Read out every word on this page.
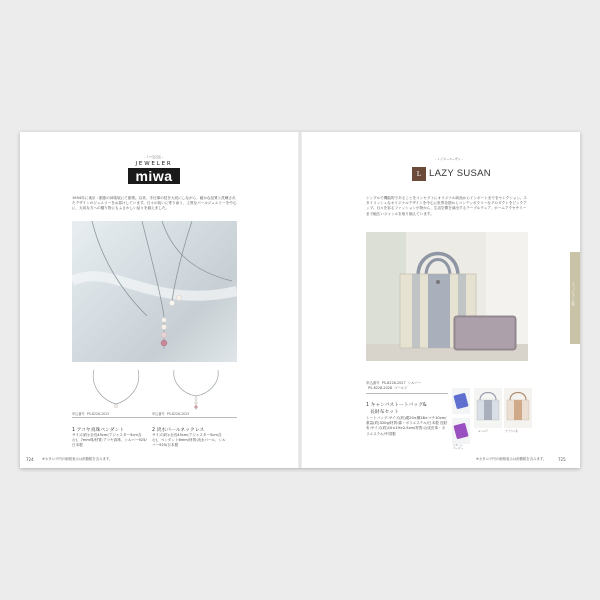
- ミワ宝石店 -
JEWELER
miwa
1954年に東京・銀座の神楽坂にて創業。以来、手仕事の技を大切にしながら、確かな品質と洗練されたデザインのジュエリーをお届けしています。日々の装いに寄り添う、上質なパールジュエリーを中心に、大切な方への贈り物にもふさわしい品々を揃えました。
申込番号 PS-8228-2022	申込番号 PS-8228-2023
1 アコヤ真珠ペンダント
サイズ(約):全長45cm(アジャスター5cm含む)、7mm珠/材質:アコヤ真珠、シルバー925/日本製
2 淡水パールネックレス
サイズ(約):全長45cm(アジャスター5cm含む)、ペンダント6mm/材質:淡水パール、シルバー925/日本製
724 ※カタログ内の価格表示は消費税を含みます。
- レイジースーザン -
L LAZY SUSAN
シンプルで機能的であることをコンセプトにオリジナル商品からインポートまでをセレクション。スタイリッシュなオリジナルデザインを中心に世界各国からコンテンポラリーなプロダクトをピックアップ。日々を彩るファッション小物から、生活空間を演出するテーブルウェア、ホームアクセサリーまで幅広いジャンルを取り揃えています。
申込番号 PS-8228-2027 シルバー
PS-8228-2028 ゴールド
1 キャンバストートバッグ&
長財布セット
トートバッグ:サイズ(約)縦20×横28×マチ10cm/重量(約)320g/材質:綿・ポリエステル/日本製 長財布:サイズ(約)10×19×2.5cm/材質:合成皮革・ポリエステル/中国製
シルバー
ゴールド	ブラウン系
ベージュ
※カタログ内の価格表示は消費税を含みます。	725
ファッション小物
